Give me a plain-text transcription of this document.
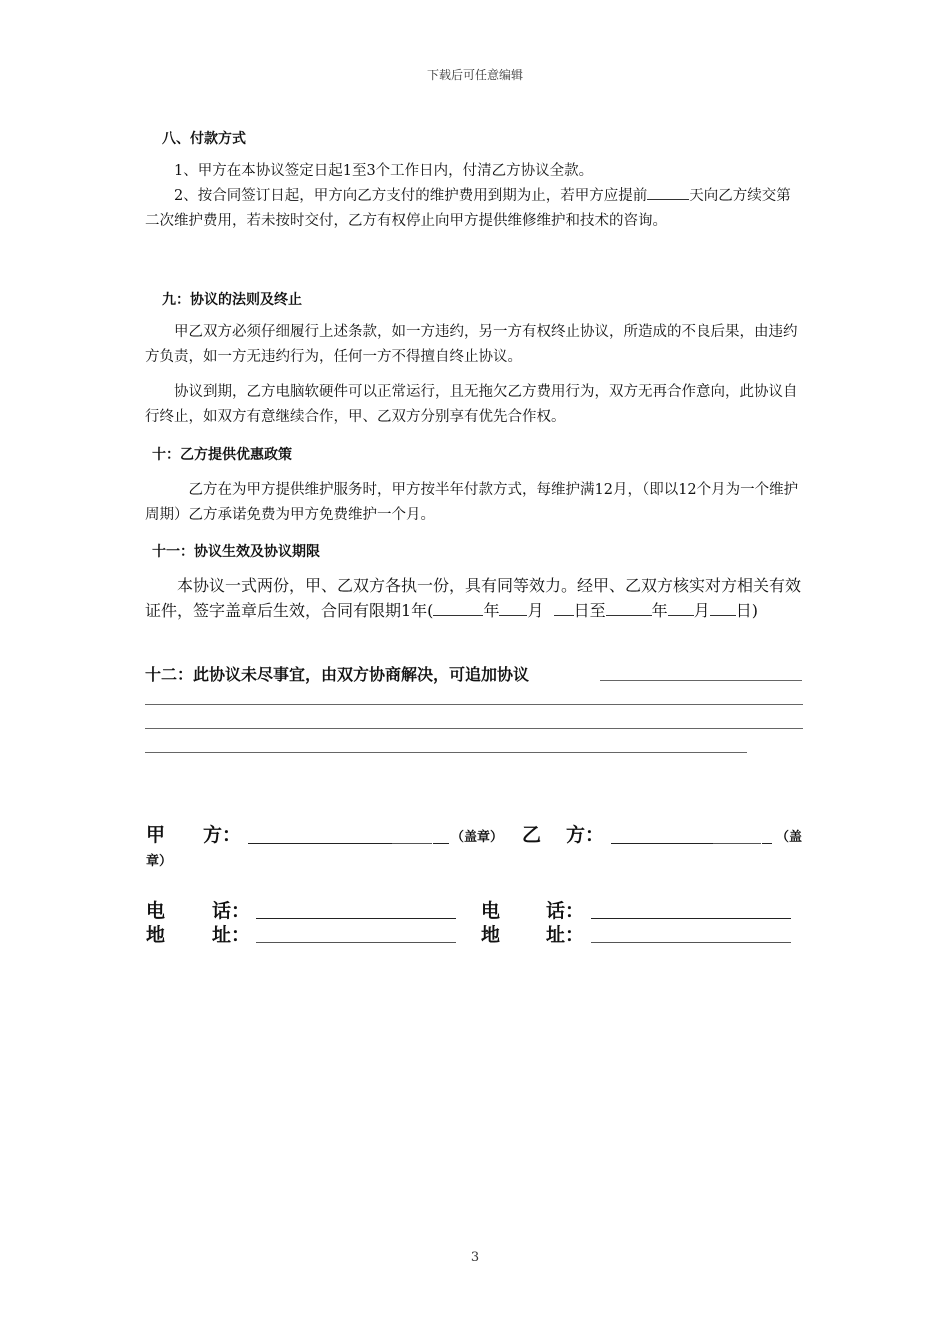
下载后可任意编辑
八、付款方式
1、甲方在本协议签定日起1至3个工作日内，付清乙方协议全款。
2、按合同签订日起，甲方向乙方支付的维护费用到期为止，若甲方应提前	天向乙方续交第二次维护费用，若未按时交付，乙方有权停止向甲方提供维修维护和技术的咨询。
九：协议的法则及终止
甲乙双方必须仔细履行上述条款，如一方违约，另一方有权终止协议，所造成的不良后果，由违约方负责，如一方无违约行为，任何一方不得擅自终止协议。
协议到期，乙方电脑软硬件可以正常运行，且无拖欠乙方费用行为，双方无再合作意向，此协议自行终止，如双方有意继续合作，甲、乙双方分别享有优先合作权。
十：乙方提供优惠政策
乙方在为甲方提供维护服务时，甲方按半年付款方式，每维护满12月，（即以12个月为一个维护周期）乙方承诺免费为甲方免费维护一个月。
十一：协议生效及协议期限
本协议一式两份，甲、乙双方各执一份，具有同等效力。经甲、乙双方核实对方相关有效证件，签字盖章后生效，合同有限期1年(	年 月 日至	年 月 日)
十二：此协议未尽事宜，由双方协商解决，可追加协议
甲 方：	（盖章） 乙 方：	（盖
章）
电 话：	电 话：
地 址：	地 址：
3
